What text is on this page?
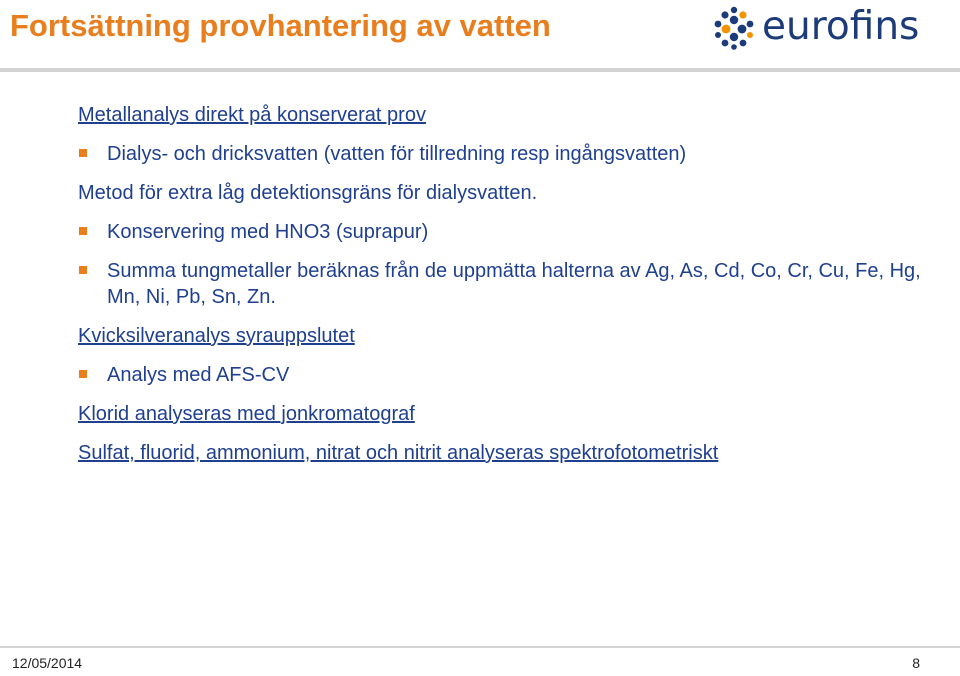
Fortsättning provhantering av vatten	eurofins
Metallanalys direkt på konserverat prov
Dialys- och dricksvatten (vatten för tillredning resp ingångsvatten)
Metod för extra låg detektionsgräns för dialysvatten.
Konservering med HNO3 (suprapur)
Summa tungmetaller beräknas från de uppmätta halterna av Ag, As, Cd, Co, Cr, Cu, Fe, Hg, Mn, Ni, Pb, Sn, Zn.
Kvicksilveranalys syrauppslutet
Analys med AFS-CV
Klorid analyseras med jonkromatograf
Sulfat, fluorid, ammonium, nitrat och nitrit analyseras spektrofotometriskt
12/05/2014	8
